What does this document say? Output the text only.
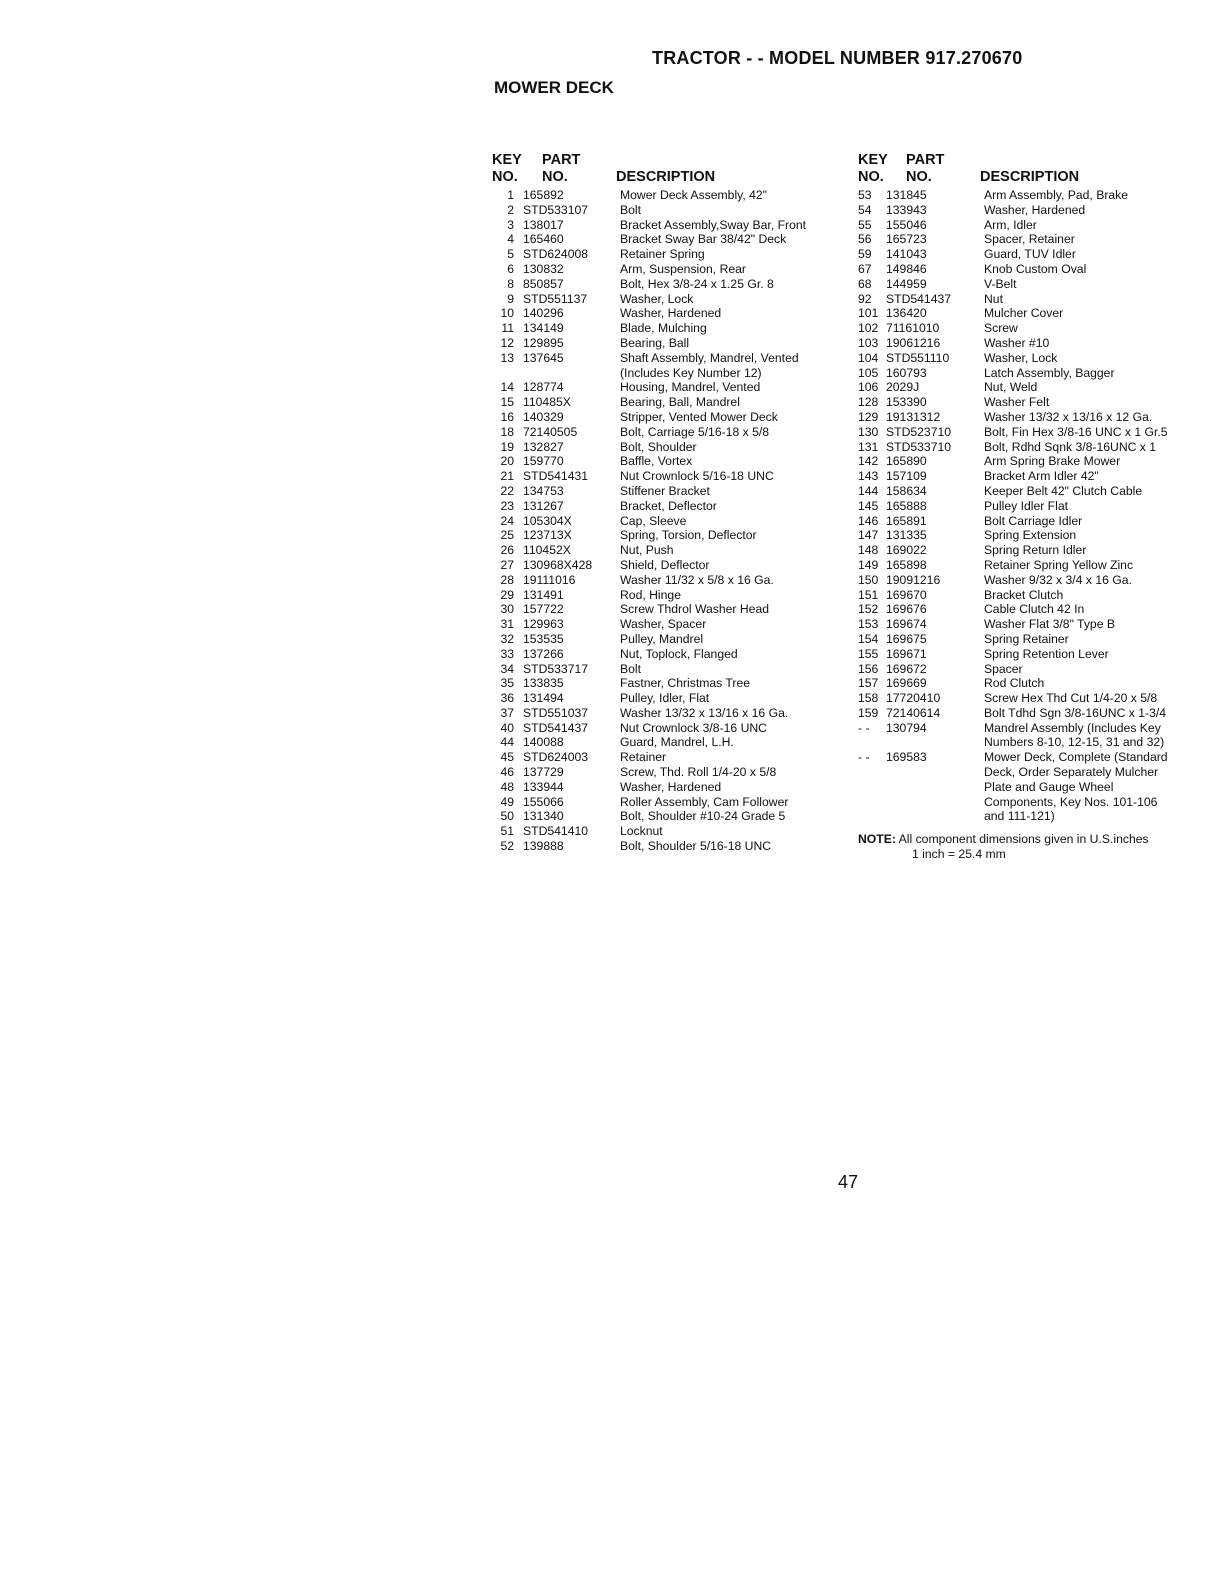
TRACTOR - - MODEL NUMBER 917.270670
MOWER DECK
KEY PART
NO. NO.	DESCRIPTION
1 165892	Mower Deck Assembly, 42"
2 STD533107	Bolt
3 138017	Bracket Assembly,Sway Bar, Front
4 165460	Bracket Sway Bar 38/42" Deck
5 STD624008	Retainer Spring
6 130832	Arm, Suspension, Rear
8 850857	Bolt, Hex 3/8-24 x 1.25 Gr. 8
9 STD551137	Washer, Lock
10 140296	Washer, Hardened
11 134149	Blade, Mulching
12 129895	Bearing, Ball
13 137645	Shaft Assembly, Mandrel, Vented
(Includes Key Number 12)
14 128774	Housing, Mandrel, Vented
15 110485X	Bearing, Ball, Mandrel
16 140329	Stripper, Vented Mower Deck
18 72140505	Bolt, Carriage 5/16-18 x 5/8
19 132827	Bolt, Shoulder
20 159770	Baffle, Vortex
21 STD541431	Nut Crownlock 5/16-18 UNC
22 134753	Stiffener Bracket
23 131267	Bracket, Deflector
24 105304X	Cap, Sleeve
25 123713X	Spring, Torsion, Deflector
26 110452X	Nut, Push
27 130968X428 Shield, Deflector
28 19111016	Washer 11/32 x 5/8 x 16 Ga.
29 131491	Rod, Hinge
30 157722	Screw Thdrol Washer Head
31 129963	Washer, Spacer
32 153535	Pulley, Mandrel
33 137266	Nut, Toplock, Flanged
34 STD533717	Bolt
35 133835	Fastner, Christmas Tree
36 131494	Pulley, Idler, Flat
37 STD551037	Washer 13/32 x 13/16 x 16 Ga.
40 STD541437	Nut Crownlock 3/8-16 UNC
44 140088	Guard, Mandrel, L.H.
45 STD624003	Retainer
46 137729	Screw, Thd. Roll 1/4-20 x 5/8
48 133944	Washer, Hardened
49 155066	Roller Assembly, Cam Follower
50 131340	Bolt, Shoulder #10-24 Grade 5
51 STD541410	Locknut
52 139888	Bolt, Shoulder 5/16-18 UNC
KEY PART
NO. NO.	DESCRIPTION
53	131845	Arm Assembly, Pad, Brake
54	133943	Washer, Hardened
55	155046	Arm, Idler
56	165723	Spacer, Retainer
59	141043	Guard, TUV Idler
67	149846	Knob Custom Oval
68	144959	V-Belt
92	STD541437	Nut
101 136420	Mulcher Cover
102 71161010	Screw
103 19061216	Washer #10
104 STD551110	Washer, Lock
105 160793	Latch Assembly, Bagger
106 2029J	Nut, Weld
128 153390	Washer Felt
129 19131312	Washer 13/32 x 13/16 x 12 Ga.
130 STD523710	Bolt, Fin Hex 3/8-16 UNC x 1 Gr.5
131 STD533710	Bolt, Rdhd Sqnk 3/8-16UNC x 1
142 165890	Arm Spring Brake Mower
143 157109	Bracket Arm Idler 42"
144 158634	Keeper Belt 42" Clutch Cable
145 165888	Pulley Idler Flat
146 165891	Bolt Carriage Idler
147 131335	Spring Extension
148 169022	Spring Return Idler
149 165898	Retainer Spring Yellow Zinc
150 19091216	Washer 9/32 x 3/4 x 16 Ga.
151 169670	Bracket Clutch
152 169676	Cable Clutch 42 In
153 169674	Washer Flat 3/8" Type B
154 169675	Spring Retainer
155 169671	Spring Retention Lever
156 169672	Spacer
157 169669	Rod Clutch
158 17720410	Screw Hex Thd Cut 1/4-20 x 5/8
159 72140614	Bolt Tdhd Sgn 3/8-16UNC x 1-3/4
- -	130794	Mandrel Assembly (Includes Key
Numbers 8-10, 12-15, 31 and 32)
- -	169583	Mower Deck, Complete (Standard
Deck, Order Separately Mulcher
Plate and Gauge Wheel
Components, Key Nos. 101-106
and 111-121)
NOTE: All component dimensions given in U.S.inches
1 inch = 25.4 mm
47
